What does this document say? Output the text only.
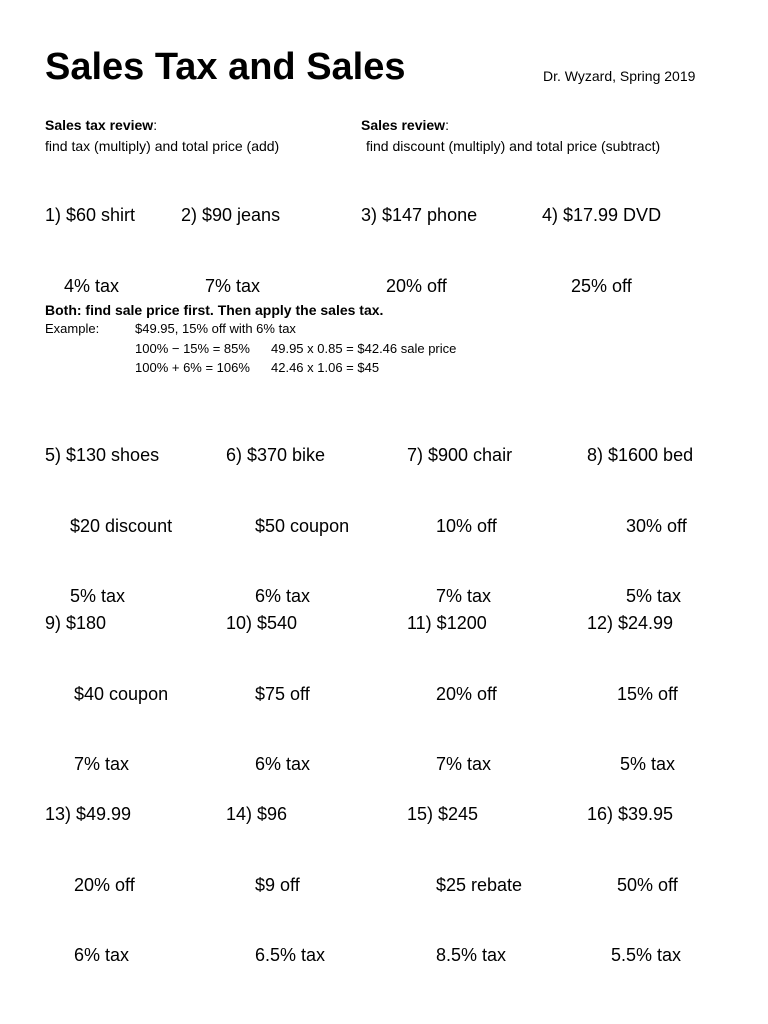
Sales Tax and Sales	Dr. Wyzard, Spring 2019
Sales tax review:
find tax (multiply) and total price (add)
Sales review:
find discount (multiply) and total price (subtract)

1) $60 shirt

4% tax

2) $90 jeans

7% tax

3) $147 phone

20% off

4) $17.99 DVD

25% off

Both: find sale price first. Then apply the sales tax.
Example:	$49.95, 15% off with 6% tax
100% − 15% = 85% 49.95 x 0.85 = $42.46 sale price
100% + 6% = 106% 42.46 x 1.06 = $45

5) $130 shoes

$20 discount

5% tax

6) $370 bike

$50 coupon

6% tax

7) $900 chair

10% off

7% tax

8) $1600 bed

30% off

5% tax

9) $180

$40 coupon

7% tax

10) $540

$75 off

6% tax

11) $1200

20% off

7% tax

12) $24.99

15% off

5% tax

13) $49.99

20% off

6% tax

14) $96

$9 off

6.5% tax

15) $245

$25 rebate

8.5% tax

16) $39.95

50% off

5.5% tax
